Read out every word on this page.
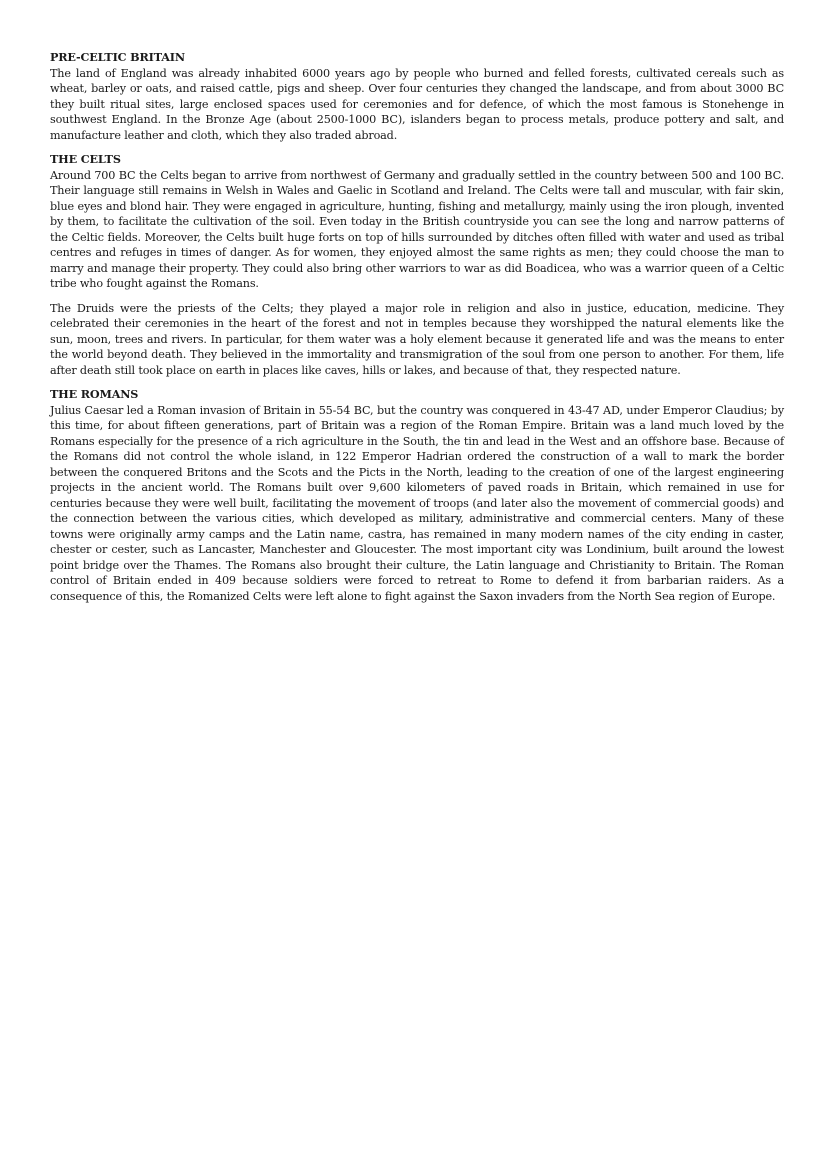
PRE-CELTIC BRITAIN

The land of England was already inhabited 6000 years ago by people who burned and felled forests, cultivated cereals such as wheat, barley or oats, and raised cattle, pigs and sheep. Over four centuries they changed the landscape, and from about 3000 BC they built ritual sites, large enclosed spaces used for ceremonies and for defence, of which the most famous is Stonehenge in southwest England. In the Bronze Age (about 2500-1000 BC), islanders began to process metals, produce pottery and salt, and manufacture leather and cloth, which they also traded abroad.

THE CELTS

Around 700 BC the Celts began to arrive from northwest of Germany and gradually settled in the country between 500 and 100 BC. Their language still remains in Welsh in Wales and Gaelic in Scotland and Ireland. The Celts were tall and muscular, with fair skin, blue eyes and blond hair. They were engaged in agriculture, hunting, fishing and metallurgy, mainly using the iron plough, invented by them, to facilitate the cultivation of the soil. Even today in the British countryside you can see the long and narrow patterns of the Celtic fields. Moreover, the Celts built huge forts on top of hills surrounded by ditches often filled with water and used as tribal centres and refuges in times of danger. As for women, they enjoyed almost the same rights as men; they could choose the man to marry and manage their property. They could also bring other warriors to war as did Boadicea, who was a warrior queen of a Celtic tribe who fought against the Romans.

The Druids were the priests of the Celts; they played a major role in religion and also in justice, education, medicine. They celebrated their ceremonies in the heart of the forest and not in temples because they worshipped the natural elements like the sun, moon, trees and rivers. In particular, for them water was a holy element because it generated life and was the means to enter the world beyond death. They believed in the immortality and transmigration of the soul from one person to another. For them, life after death still took place on earth in places like caves, hills or lakes, and because of that, they respected nature.

THE ROMANS

Julius Caesar led a Roman invasion of Britain in 55-54 BC, but the country was conquered in 43-47 AD, under Emperor Claudius; by this time, for about fifteen generations, part of Britain was a region of the Roman Empire. Britain was a land much loved by the Romans especially for the presence of a rich agriculture in the South, the tin and lead in the West and an offshore base. Because of the Romans did not control the whole island, in 122 Emperor Hadrian ordered the construction of a wall to mark the border between the conquered Britons and the Scots and the Picts in the North, leading to the creation of one of the largest engineering projects in the ancient world. The Romans built over 9,600 kilometers of paved roads in Britain, which remained in use for centuries because they were well built, facilitating the movement of troops (and later also the movement of commercial goods) and the connection between the various cities, which developed as military, administrative and commercial centers. Many of these towns were originally army camps and the Latin name, castra, has remained in many modern names of the city ending in caster, chester or cester, such as Lancaster, Manchester and Gloucester. The most important city was Londinium, built around the lowest point bridge over the Thames. The Romans also brought their culture, the Latin language and Christianity to Britain. The Roman control of Britain ended in 409 because soldiers were forced to retreat to Rome to defend it from barbarian raiders. As a consequence of this, the Romanized Celts were left alone to fight against the Saxon invaders from the North Sea region of Europe.
